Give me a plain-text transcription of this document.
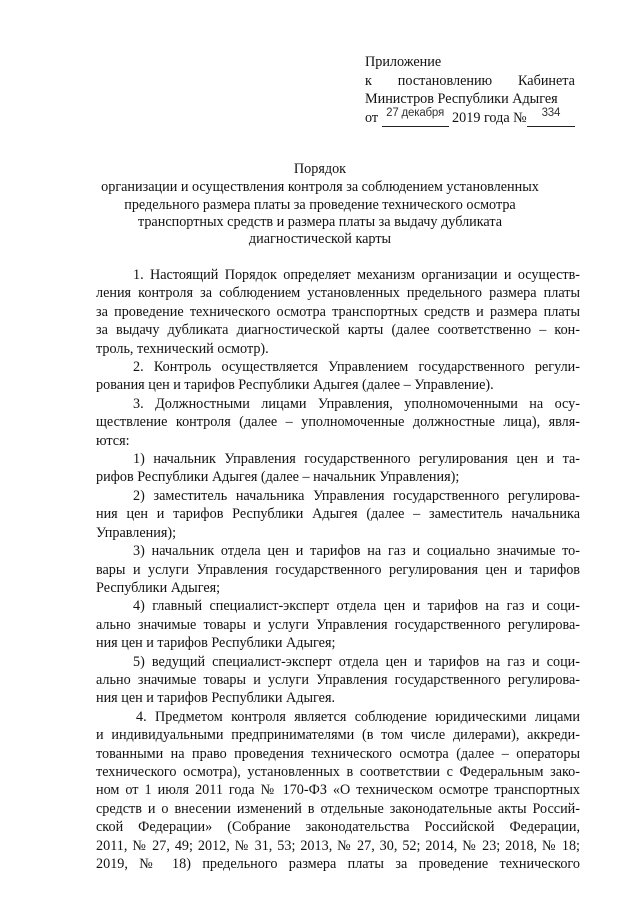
Приложение
к постановлению Кабинета
Министров Республики Адыгея
от
27 декабря
2019 года №	334
Порядок
организации и осуществления контроля за соблюдением установленных
предельного размера платы за проведение технического осмотра
транспортных средств и размера платы за выдачу дубликата
диагностической карты
1. Настоящий Порядок определяет механизм организации и осуществ-
ления контроля за соблюдением установленных предельного размера платы
за проведение технического осмотра транспортных средств и размера платы
за выдачу дубликата диагностической карты (далее соответственно – кон-
троль, технический осмотр).
2. Контроль осуществляется Управлением государственного регули-
рования цен и тарифов Республики Адыгея (далее – Управление).
3. Должностными лицами Управления, уполномоченными на осу-
ществление контроля (далее – уполномоченные должностные лица), явля-
ются:
1) начальник Управления государственного регулирования цен и та-
рифов Республики Адыгея (далее – начальник Управления);
2) заместитель начальника Управления государственного регулирова-
ния цен и тарифов Республики Адыгея (далее – заместитель начальника
Управления);
3) начальник отдела цен и тарифов на газ и социально значимые то-
вары и услуги Управления государственного регулирования цен и тарифов
Республики Адыгея;
4) главный специалист-эксперт отдела цен и тарифов на газ и соци-
ально значимые товары и услуги Управления государственного регулирова-
ния цен и тарифов Республики Адыгея;
5) ведущий специалист-эксперт отдела цен и тарифов на газ и соци-
ально значимые товары и услуги Управления государственного регулирова-
ния цен и тарифов Республики Адыгея.
4. Предметом контроля является соблюдение юридическими лицами
и индивидуальными предпринимателями (в том числе дилерами), аккреди-
тованными на право проведения технического осмотра (далее – операторы
технического осмотра), установленных в соответствии с Федеральным зако-
ном от 1 июля 2011 года № 170-ФЗ «О техническом осмотре транспортных
средств и о внесении изменений в отдельные законодательные акты Россий-
ской Федерации» (Собрание законодательства Российской Федерации,
2011, № 27, 49; 2012, № 31, 53; 2013, № 27, 30, 52; 2014, № 23; 2018, № 18;
2019, № 18) предельного размера платы за проведение технического
